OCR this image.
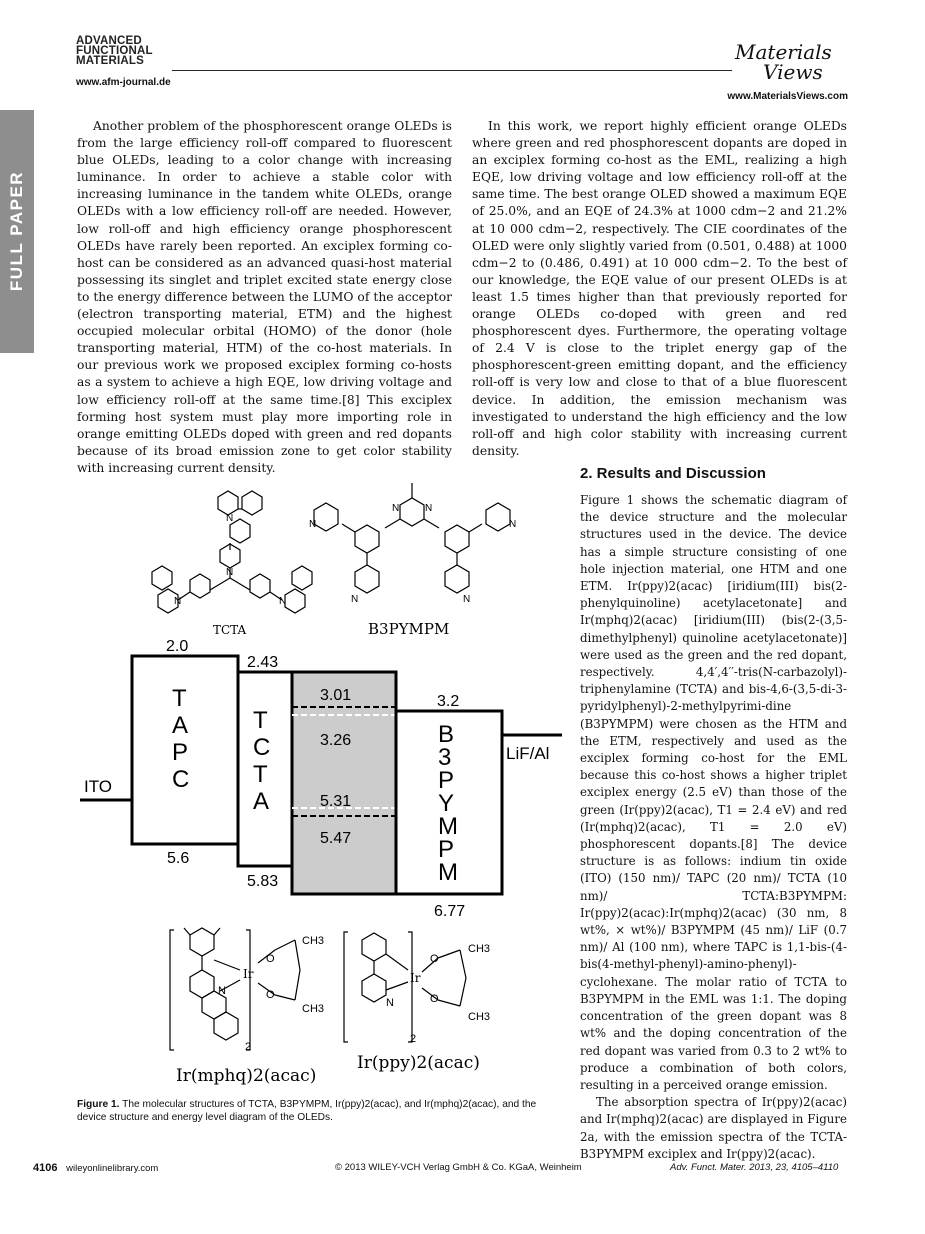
ADVANCED
FUNCTIONAL
MATERIALS
www.afm-journal.de
Materials
Views
www.MaterialsViews.com
FULL PAPER

Another problem of the phosphorescent orange OLEDs is from the large efficiency roll-off compared to fluorescent blue OLEDs, leading to a color change with increasing luminance. In order to achieve a stable color with increasing luminance in the tandem white OLEDs, orange OLEDs with a low efficiency roll-off are needed. However, low roll-off and high efficiency orange phosphorescent OLEDs have rarely been reported. An exciplex forming co-host can be considered as an advanced quasi-host material possessing its singlet and triplet excited state energy close to the energy difference between the LUMO of the acceptor (electron transporting material, ETM) and the highest occupied molecular orbital (HOMO) of the donor (hole transporting material, HTM) of the co-host materials. In our previous work we proposed exciplex forming co-hosts as a system to achieve a high EQE, low driving voltage and low efficiency roll-off at the same time.[8] This exciplex forming host system must play more importing role in orange emitting OLEDs doped with green and red dopants because of its broad emission zone to get color stability with increasing current density.

In this work, we report highly efficient orange OLEDs where green and red phosphorescent dopants are doped in an exciplex forming co-host as the EML, realizing a high EQE, low driving voltage and low efficiency roll-off at the same time. The best orange OLED showed a maximum EQE of 25.0%, and an EQE of 24.3% at 1000 cdm−2 and 21.2% at 10 000 cdm−2, respectively. The CIE coordinates of the OLED were only slightly varied from (0.501, 0.488) at 1000 cdm−2 to (0.486, 0.491) at 10 000 cdm−2. To the best of our knowledge, the EQE value of our present OLEDs is at least 1.5 times higher than that previously reported for orange OLEDs co-doped with green and red phosphorescent dyes. Furthermore, the operating voltage of 2.4 V is close to the triplet energy gap of the phosphorescent-green emitting dopant, and the efficiency roll-off is very low and close to that of a blue fluorescent device. In addition, the emission mechanism was investigated to understand the high efficiency and the low roll-off and high color stability with increasing current density.

2. Results and Discussion

Figure 1 shows the schematic diagram of the device structure and the molecular structures used in the device. The device has a simple structure consisting of one hole injection material, one HTM and one ETM. Ir(ppy)2(acac) [iridium(III) bis(2-phenylquinoline) acetylacetonate] and Ir(mphq)2(acac) [iridium(III) (bis(2-(3,5-dimethylphenyl) quinoline acetylacetonate)] were used as the green and the red dopant, respectively. 4,4′,4′′-tris(N-carbazolyl)-triphenylamine (TCTA) and bis-4,6-(3,5-di-3-pyridylphenyl)-2-methylpyrimi-dine (B3PYMPM) were chosen as the HTM and the ETM, respectively and used as the exciplex forming co-host for the EML because this co-host shows a higher triplet exciplex energy (2.5 eV) than those of the green (Ir(ppy)2(acac), T1 = 2.4 eV) and red (Ir(mphq)2(acac), T1 = 2.0 eV) phosphorescent dopants.[8] The device structure is as follows: indium tin oxide (ITO) (150 nm)/ TAPC (20 nm)/ TCTA (10 nm)/ TCTA:B3PYMPM: Ir(ppy)2(acac):Ir(mphq)2(acac) (30 nm, 8 wt%, × wt%)/ B3PYMPM (45 nm)/ LiF (0.7 nm)/ Al (100 nm), where TAPC is 1,1-bis-(4-bis(4-methyl-phenyl)-amino-phenyl)-cyclohexane. The molar ratio of TCTA to B3PYMPM in the EML was 1:1. The doping concentration of the green dopant was 8 wt% and the doping concentration of the red dopant was varied from 0.3 to 2 wt% to produce a combination of both colors, resulting in a perceived orange emission.

The absorption spectra of Ir(ppy)2(acac) and Ir(mphq)2(acac) are displayed in Figure 2a, with the emission spectra of the TCTA-B3PYMPM exciplex and Ir(ppy)2(acac).

N
N
N	N
TCTA
N	N
N	N
N	N
B3PYMPM
ITO
2.0
5.6
T
A
P
C
2.43
5.83
T
C
T
A
3.01
3.26
5.31
5.47
3.2
6.77
B
3
P
Y
M
P
M
LiF/Al
Ir
N
O
O
CH3
CH3
2
Ir(mphq)2(acac)
Ir
N
O
O
CH3
CH3
2
Ir(ppy)2(acac)
Figure 1. The molecular structures of TCTA, B3PYMPM, Ir(ppy)2(acac), and Ir(mphq)2(acac), and the device structure and energy level diagram of the OLEDs.
4106 wileyonlinelibrary.com	© 2013 WILEY-VCH Verlag GmbH & Co. KGaA, Weinheim	Adv. Funct. Mater. 2013, 23, 4105–4110
